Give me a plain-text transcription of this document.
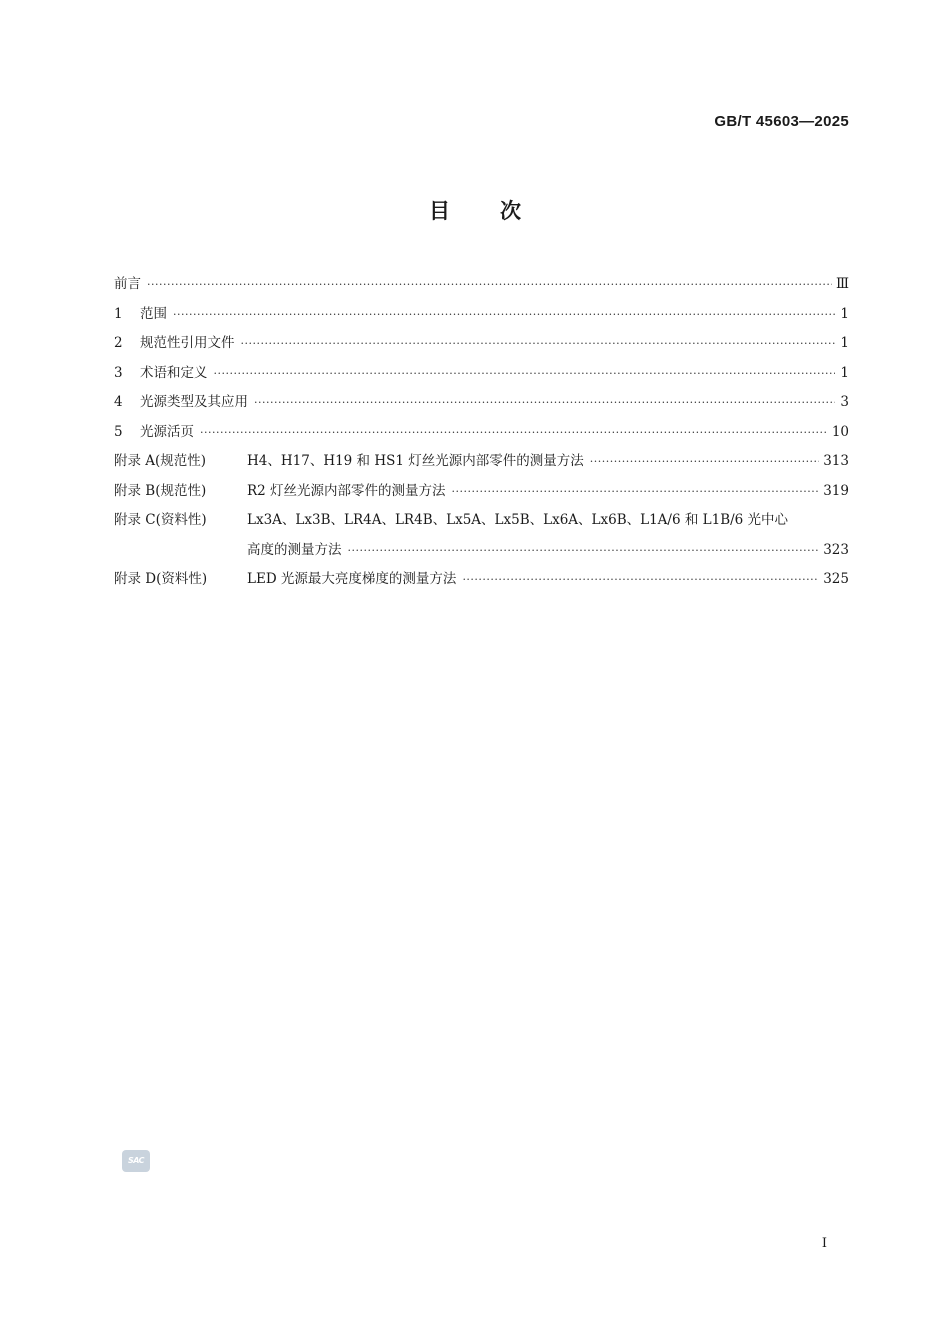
GB/T 45603—2025
目次
前言 ·····	Ⅲ
1	范围 ·····	1
2	规范性引用文件 ·····	1
3	术语和定义 ·····	1
4	光源类型及其应用 ·····	3
5	光源活页 ·····	10
附录 A(规范性)	H4、H17、H19 和 HS1 灯丝光源内部零件的测量方法 ·····	313
附录 B(规范性)	R2 灯丝光源内部零件的测量方法 ·····	319
附录 C(资料性)	Lx3A、Lx3B、LR4A、LR4B、Lx5A、Lx5B、Lx6A、Lx6B、L1A/6 和 L1B/6 光中心
高度的测量方法 ·····	323
附录 D(资料性)	LED 光源最大亮度梯度的测量方法 ·····	325
SAC
I
